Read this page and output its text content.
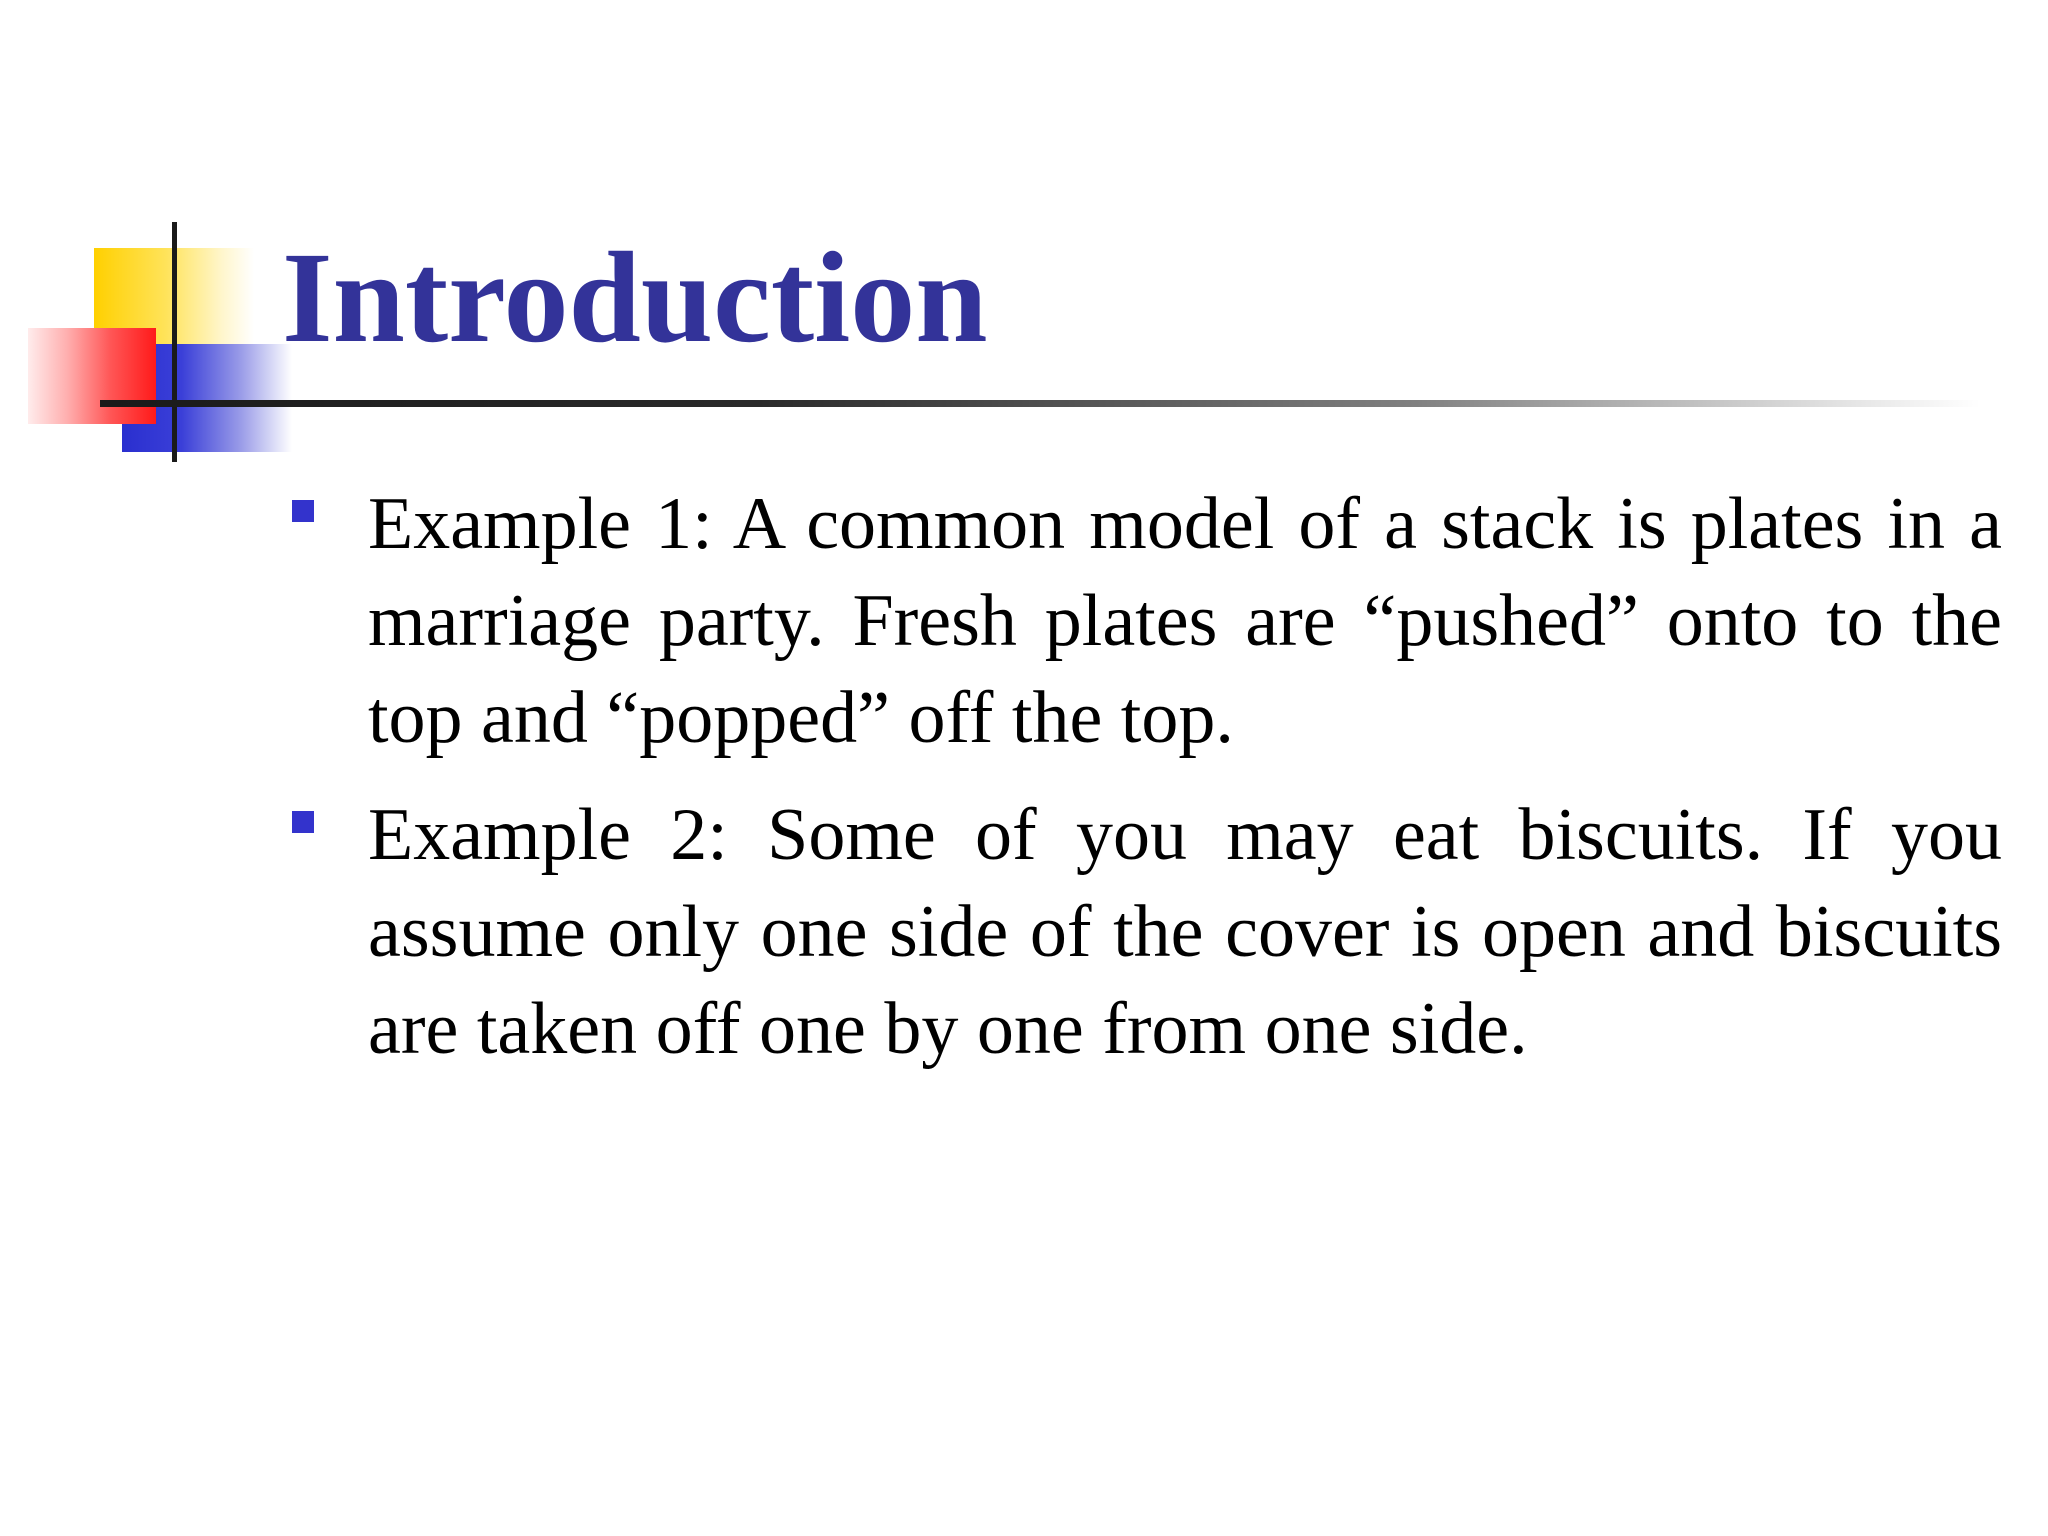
Introduction
Example 1: A common model of a stack is plates in a marriage party. Fresh plates are “pushed” onto to the top and “popped” off the top.
Example 2: Some of you may eat biscuits. If you assume only one side of the cover is open and biscuits are taken off one by one from one side.
